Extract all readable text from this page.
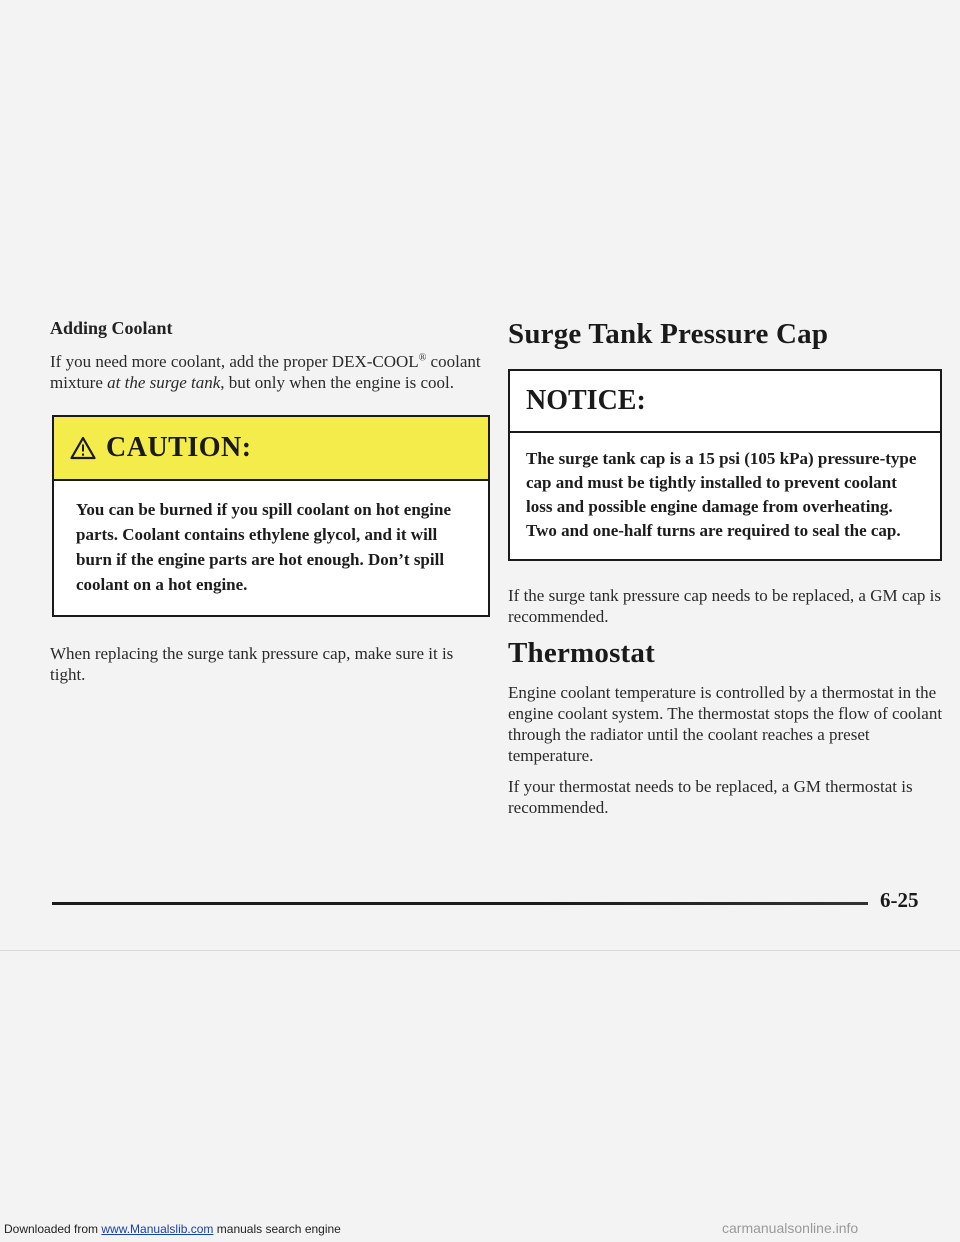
Adding Coolant

If you need more coolant, add the proper DEX-COOL® coolant mixture at the surge tank, but only when the engine is cool.

CAUTION:
You can be burned if you spill coolant on hot engine parts. Coolant contains ethylene glycol, and it will burn if the engine parts are hot enough. Don’t spill coolant on a hot engine.

When replacing the surge tank pressure cap, make sure it is tight.

Surge Tank Pressure Cap
NOTICE:
The surge tank cap is a 15 psi (105 kPa) pressure-type cap and must be tightly installed to prevent coolant loss and possible engine damage from overheating. Two and one-half turns are required to seal the cap.

If the surge tank pressure cap needs to be replaced, a GM cap is recommended.

Thermostat

Engine coolant temperature is controlled by a thermostat in the engine coolant system. The thermostat stops the flow of coolant through the radiator until the coolant reaches a preset temperature.

If your thermostat needs to be replaced, a GM thermostat is recommended.

6-25
Downloaded from www.Manualslib.com manuals search engine	carmanualsonline.info
